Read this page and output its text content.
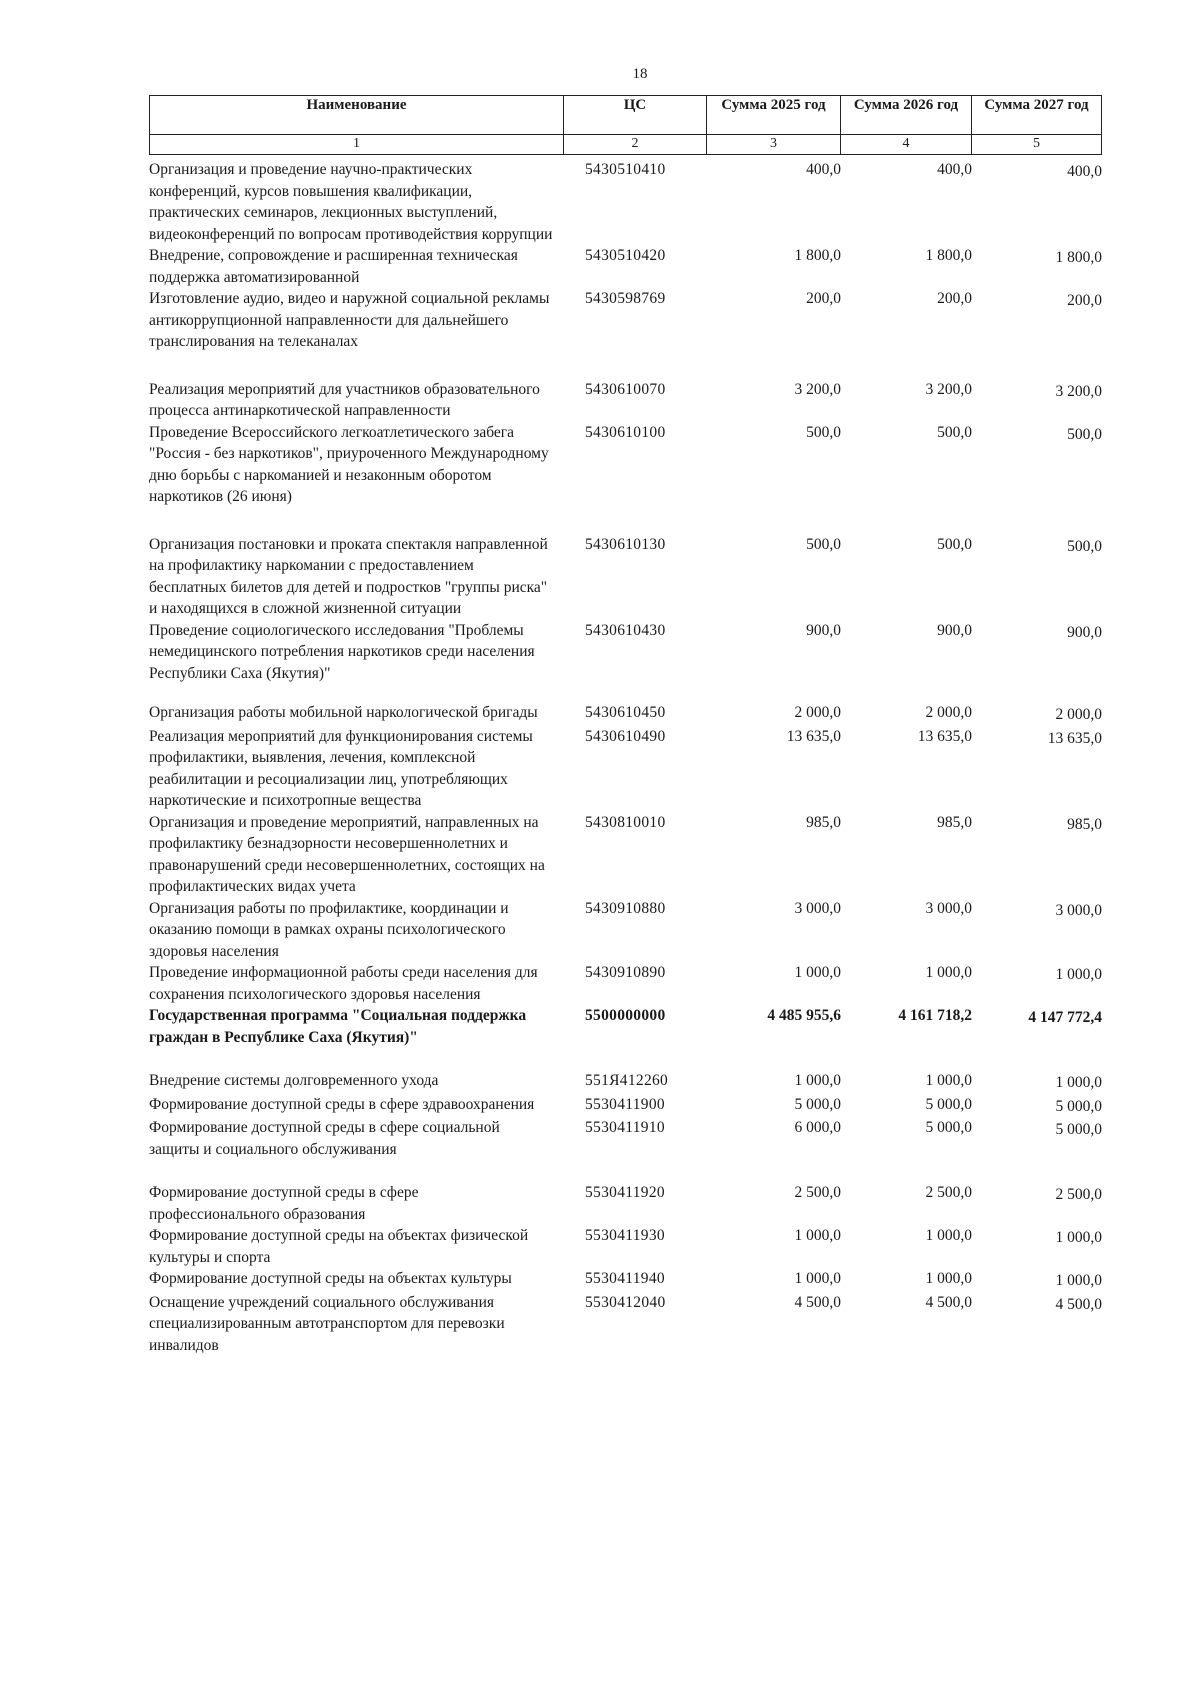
18
Наименование	ЦС	Сумма 2025 год	Сумма 2026 год	Сумма 2027 год
1	2	3	4	5
Организация и проведение научно-практических конференций, курсов повышения квалификации, практических семинаров, лекционных выступлений, видеоконференций по вопросам противодействия коррупции
5430510410	400,0	400,0	400,0
Внедрение, сопровождение и расширенная техническая поддержка автоматизированной
5430510420	1 800,0	1 800,0	1 800,0
Изготовление аудио, видео и наружной социальной рекламы антикоррупционной направленности для дальнейшего транслирования на телеканалах
5430598769	200,0	200,0	200,0
Реализация мероприятий для участников образовательного процесса антинаркотической направленности
5430610070	3 200,0	3 200,0	3 200,0
Проведение Всероссийского легкоатлетического забега "Россия - без наркотиков", приуроченного Международному дню борьбы с наркоманией и незаконным оборотом наркотиков (26 июня)
5430610100	500,0	500,0	500,0
Организация постановки и проката спектакля направленной на профилактику наркомании с предоставлением бесплатных билетов для детей и подростков "группы риска" и находящихся в сложной жизненной ситуации
5430610130	500,0	500,0	500,0
Проведение социологического исследования "Проблемы немедицинского потребления наркотиков среди населения Республики Саха (Якутия)"
5430610430	900,0	900,0	900,0
Организация работы мобильной наркологической бригады	5430610450	2 000,0	2 000,0	2 000,0
Реализация мероприятий для функционирования системы профилактики, выявления, лечения, комплексной реабилитации и ресоциализации лиц, употребляющих наркотические и психотропные вещества
5430610490	13 635,0	13 635,0	13 635,0
Организация и проведение мероприятий, направленных на профилактику безнадзорности несовершеннолетних и правонарушений среди несовершеннолетних, состоящих на профилактических видах учета
5430810010	985,0	985,0	985,0
Организация работы по профилактике, координации и оказанию помощи в рамках охраны психологического здоровья населения
5430910880	3 000,0	3 000,0	3 000,0
Проведение информационной работы среди населения для сохранения психологического здоровья населения
5430910890	1 000,0	1 000,0	1 000,0
Государственная программа "Социальная поддержка граждан в Республике Саха (Якутия)"
5500000000	4 485 955,6	4 161 718,2	4 147 772,4
Внедрение системы долговременного ухода	551Я412260	1 000,0	1 000,0	1 000,0
Формирование доступной среды в сфере здравоохранения	5530411900	5 000,0	5 000,0	5 000,0
Формирование доступной среды в сфере социальной защиты и социального обслуживания
5530411910	6 000,0	5 000,0	5 000,0
Формирование доступной среды в сфере профессионального образования
5530411920	2 500,0	2 500,0	2 500,0
Формирование доступной среды на объектах физической культуры и спорта
5530411930	1 000,0	1 000,0	1 000,0
Формирование доступной среды на объектах культуры	5530411940	1 000,0	1 000,0	1 000,0
Оснащение учреждений социального обслуживания специализированным автотранспортом для перевозки инвалидов
5530412040	4 500,0	4 500,0	4 500,0
